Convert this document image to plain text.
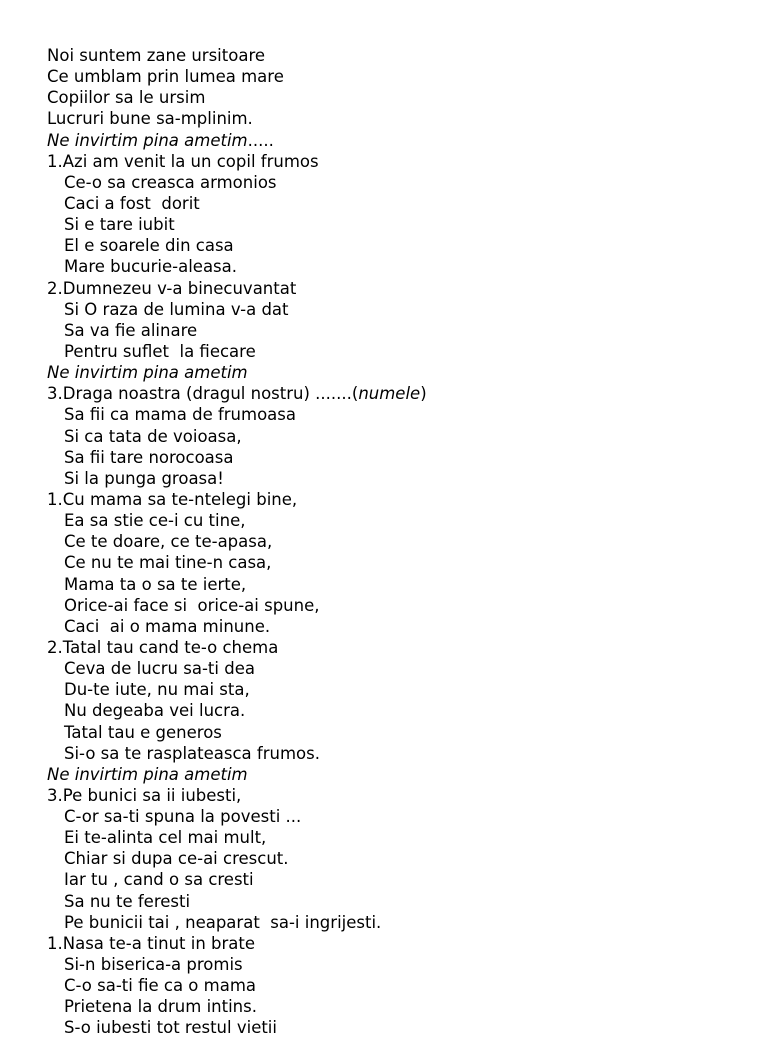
Noi suntem zane ursitoare
Ce umblam prin lumea mare
Copiilor sa le ursim
Lucruri bune sa-mplinim.
Ne invirtim pina ametim.....
1.Azi am venit la un copil frumos
Ce-o sa creasca armonios
Caci a fost  dorit
Si e tare iubit
El e soarele din casa
Mare bucurie-aleasa.
2.Dumnezeu v-a binecuvantat
Si O raza de lumina v-a dat
Sa va fie alinare
Pentru suflet  la fiecare
Ne invirtim pina ametim
3.Draga noastra (dragul nostru) .......(numele)
Sa fii ca mama de frumoasa
Si ca tata de voioasa,
Sa fii tare norocoasa
Si la punga groasa!
1.Cu mama sa te-ntelegi bine,
Ea sa stie ce-i cu tine,
Ce te doare, ce te-apasa,
Ce nu te mai tine-n casa,
Mama ta o sa te ierte,
Orice-ai face si  orice-ai spune,
Caci  ai o mama minune.
2.Tatal tau cand te-o chema
Ceva de lucru sa-ti dea
Du-te iute, nu mai sta,
Nu degeaba vei lucra.
Tatal tau e generos
Si-o sa te rasplateasca frumos.
Ne invirtim pina ametim
3.Pe bunici sa ii iubesti,
C-or sa-ti spuna la povesti ...
Ei te-alinta cel mai mult,
Chiar si dupa ce-ai crescut.
Iar tu , cand o sa cresti
Sa nu te feresti
Pe bunicii tai , neaparat  sa-i ingrijesti.
1.Nasa te-a tinut in brate
Si-n biserica-a promis
C-o sa-ti fie ca o mama
Prietena la drum intins.
S-o iubesti tot restul vietii
